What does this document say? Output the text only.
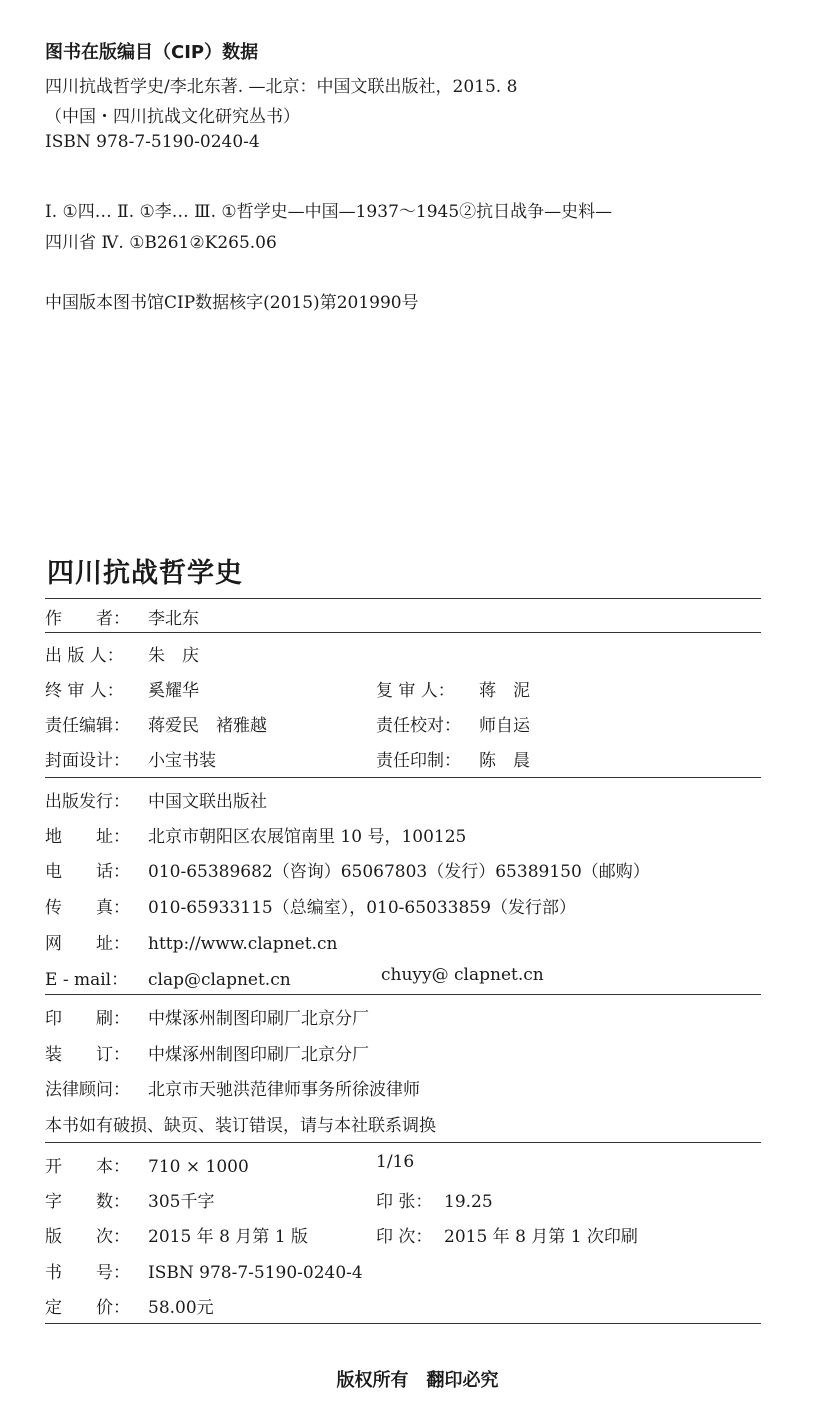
图书在版编目（CIP）数据
四川抗战哲学史/李北东著. —北京：中国文联出版社，2015. 8
（中国・四川抗战文化研究丛书）
ISBN 978-7-5190-0240-4
Ⅰ. ①四… Ⅱ. ①李… Ⅲ. ①哲学史—中国—1937～1945②抗日战争—史料—
四川省 Ⅳ. ①B261②K265.06
中国版本图书馆CIP数据核字(2015)第201990号
四川抗战哲学史
作　　者： 李北东
出 版 人： 朱　庆
终 审 人： 奚耀华	复 审 人： 蒋　泥
责任编辑： 蒋爱民　褚雅越	责任校对： 师自运
封面设计： 小宝书装	责任印制： 陈　晨
出版发行： 中国文联出版社
地　　址： 北京市朝阳区农展馆南里 10 号，100125
电　　话： 010-65389682（咨询）65067803（发行）65389150（邮购）
传　　真： 010-65933115（总编室），010-65033859（发行部）
网　　址： http://www.clapnet.cn
E - mail： clap@clapnet.cn	chuyy@ clapnet.cn
印　　刷： 中煤涿州制图印刷厂北京分厂
装　　订： 中煤涿州制图印刷厂北京分厂
法律顾问： 北京市天驰洪范律师事务所徐波律师
本书如有破损、缺页、装订错误，请与本社联系调换
开　　本： 710 × 1000	1/16
字　　数： 305千字	印 张： 19.25
版　　次： 2015 年 8 月第 1 版	印 次： 2015 年 8 月第 1 次印刷
书　　号： ISBN 978-7-5190-0240-4
定　　价： 58.00元
版权所有　翻印必究
